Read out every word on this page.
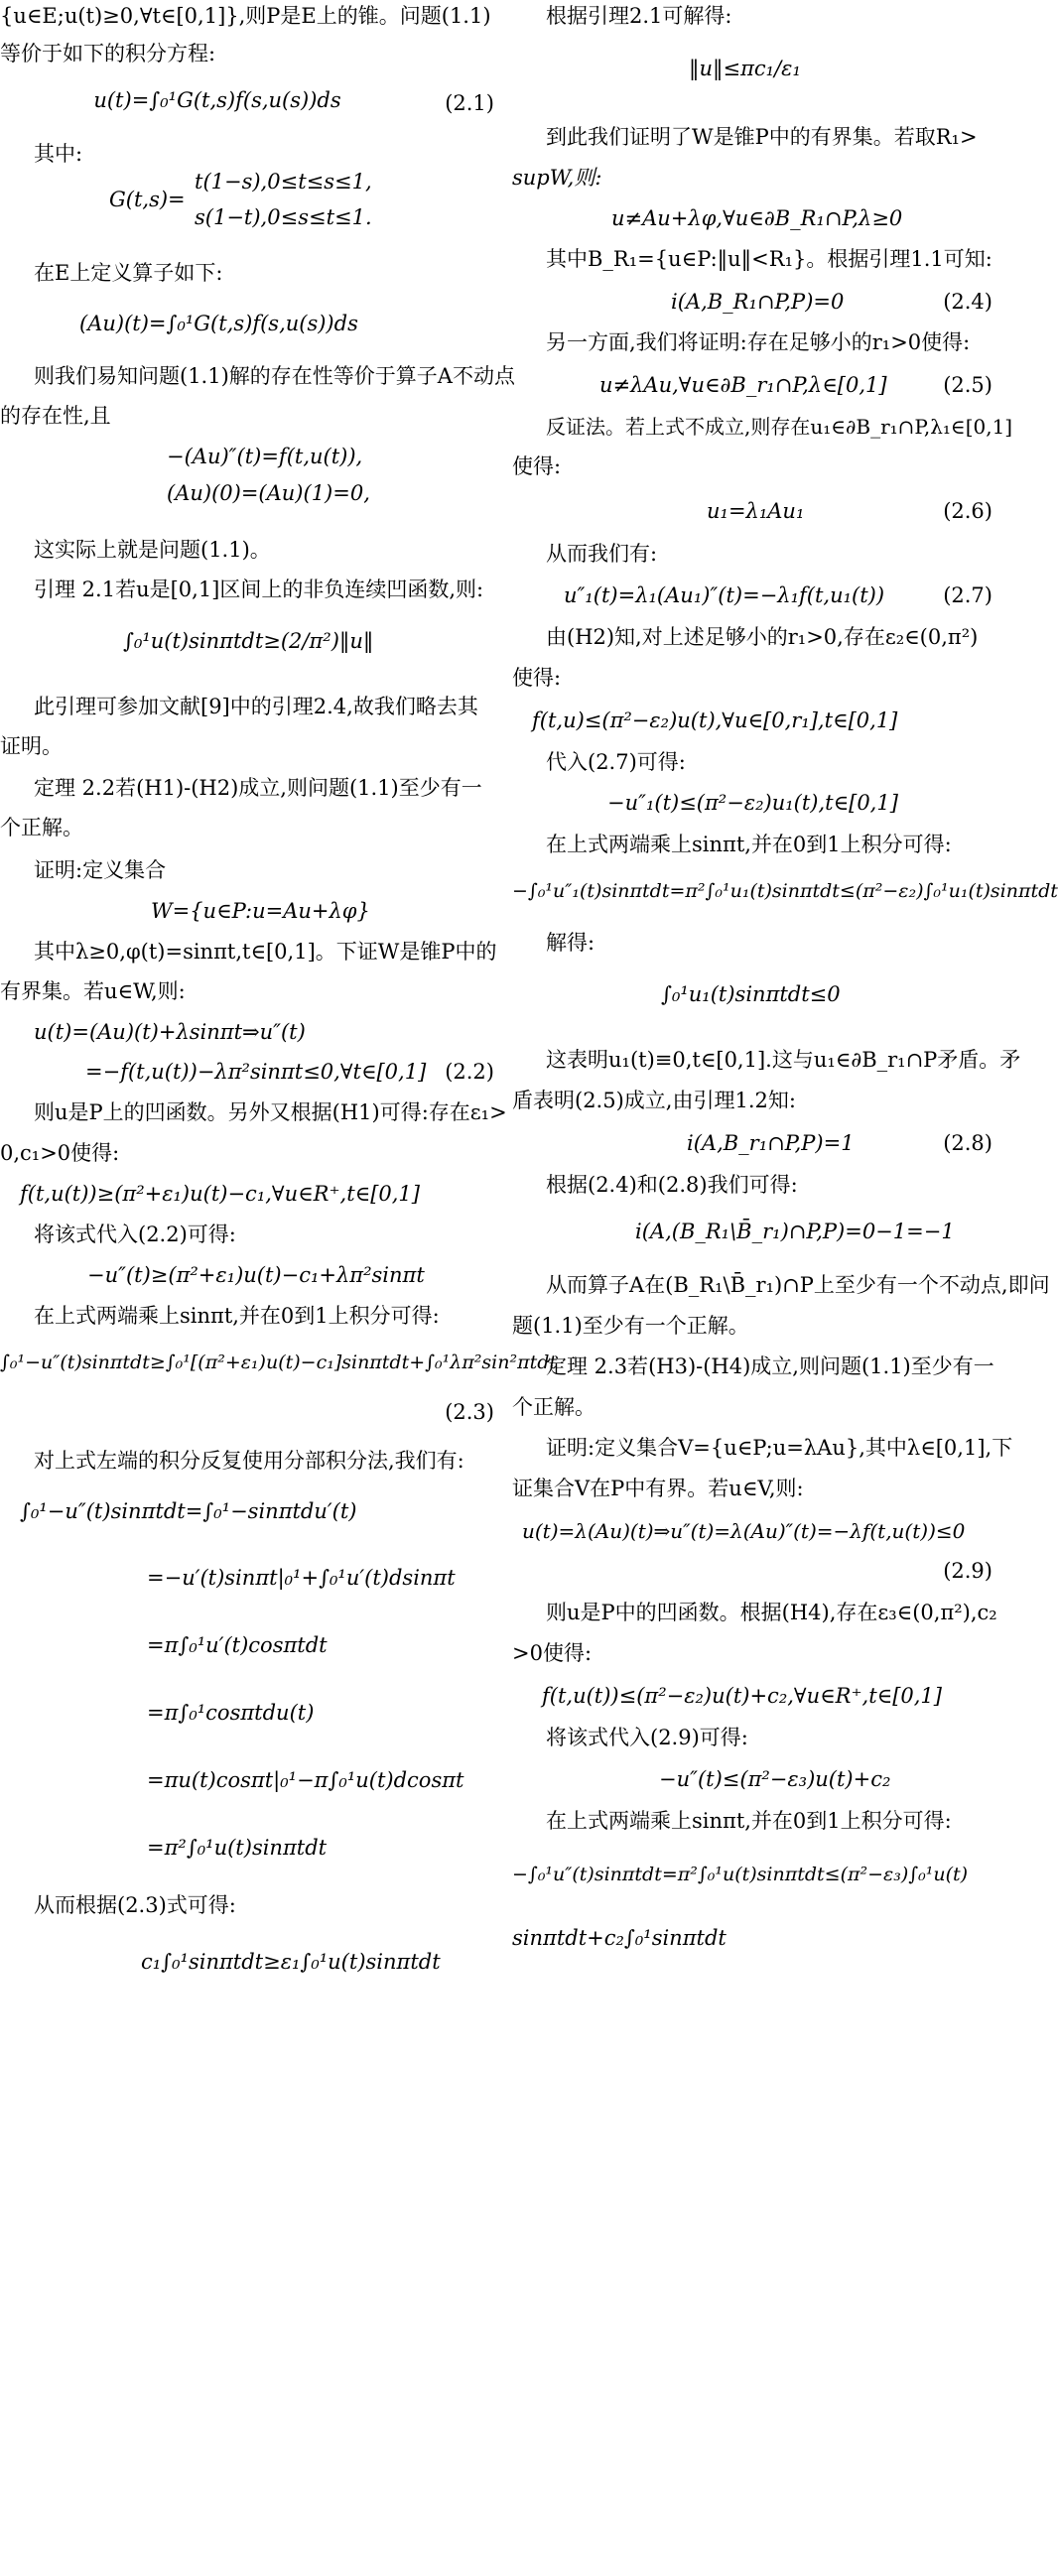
{u∈E;u(t)≥0,∀t∈[0,1]},则P是E上的锥。问题(1.1)
等价于如下的积分方程:
u(t)=∫₀¹G(t,s)f(s,u(s))ds	(2.1)
其中:
t(1−s),0≤t≤s≤1,
G(t,s)=
s(1−t),0≤s≤t≤1.
在E上定义算子如下:
(Au)(t)=∫₀¹G(t,s)f(s,u(s))ds
则我们易知问题(1.1)解的存在性等价于算子A不动点
的存在性,且
−(Au)″(t)=f(t,u(t)),
(Au)(0)=(Au)(1)=0,
这实际上就是问题(1.1)。
引理 2.1若u是[0,1]区间上的非负连续凹函数,则:
∫₀¹u(t)sinπtdt≥(2/π²)‖u‖
此引理可参加文献[9]中的引理2.4,故我们略去其
证明。
定理 2.2若(H1)-(H2)成立,则问题(1.1)至少有一
个正解。
证明:定义集合
W={u∈P:u=Au+λφ}
其中λ≥0,φ(t)=sinπt,t∈[0,1]。下证W是锥P中的
有界集。若u∈W,则:
u(t)=(Au)(t)+λsinπt⇒u″(t)
=−f(t,u(t))−λπ²sinπt≤0,∀t∈[0,1] (2.2)
则u是P上的凹函数。另外又根据(H1)可得:存在ε₁>
0,c₁>0使得:
f(t,u(t))≥(π²+ε₁)u(t)−c₁,∀u∈R⁺,t∈[0,1]
将该式代入(2.2)可得:
−u″(t)≥(π²+ε₁)u(t)−c₁+λπ²sinπt
在上式两端乘上sinπt,并在0到1上积分可得:
∫₀¹−u″(t)sinπtdt≥∫₀¹[(π²+ε₁)u(t)−c₁]sinπtdt+∫₀¹λπ²sin²πtdt
(2.3)
对上式左端的积分反复使用分部积分法,我们有:
∫₀¹−u″(t)sinπtdt=∫₀¹−sinπtdu′(t)
=−u′(t)sinπt|₀¹+∫₀¹u′(t)dsinπt
=π∫₀¹u′(t)cosπtdt
=π∫₀¹cosπtdu(t)
=πu(t)cosπt|₀¹−π∫₀¹u(t)dcosπt
=π²∫₀¹u(t)sinπtdt
从而根据(2.3)式可得:
c₁∫₀¹sinπtdt≥ε₁∫₀¹u(t)sinπtdt
根据引理2.1可解得:
‖u‖≤πc₁/ε₁
到此我们证明了W是锥P中的有界集。若取R₁>
supW,则:
u≠Au+λφ,∀u∈∂B_R₁∩P,λ≥0
其中B_R₁={u∈P:‖u‖<R₁}。根据引理1.1可知:
i(A,B_R₁∩P,P)=0	(2.4)
另一方面,我们将证明:存在足够小的r₁>0使得:
u≠λAu,∀u∈∂B_r₁∩P,λ∈[0,1]	(2.5)
反证法。若上式不成立,则存在u₁∈∂B_r₁∩P,λ₁∈[0,1]
使得:
u₁=λ₁Au₁	(2.6)
从而我们有:
u″₁(t)=λ₁(Au₁)″(t)=−λ₁f(t,u₁(t))	(2.7)
由(H2)知,对上述足够小的r₁>0,存在ε₂∈(0,π²)
使得:
f(t,u)≤(π²−ε₂)u(t),∀u∈[0,r₁],t∈[0,1]
代入(2.7)可得:
−u″₁(t)≤(π²−ε₂)u₁(t),t∈[0,1]
在上式两端乘上sinπt,并在0到1上积分可得:
−∫₀¹u″₁(t)sinπtdt=π²∫₀¹u₁(t)sinπtdt≤(π²−ε₂)∫₀¹u₁(t)sinπtdt
解得:
∫₀¹u₁(t)sinπtdt≤0
这表明u₁(t)≡0,t∈[0,1].这与u₁∈∂B_r₁∩P矛盾。矛
盾表明(2.5)成立,由引理1.2知:
i(A,B_r₁∩P,P)=1	(2.8)
根据(2.4)和(2.8)我们可得:
i(A,(B_R₁\B̄_r₁)∩P,P)=0−1=−1
从而算子A在(B_R₁\B̄_r₁)∩P上至少有一个不动点,即问
题(1.1)至少有一个正解。
定理 2.3若(H3)-(H4)成立,则问题(1.1)至少有一
个正解。
证明:定义集合V={u∈P;u=λAu},其中λ∈[0,1],下
证集合V在P中有界。若u∈V,则:
u(t)=λ(Au)(t)⇒u″(t)=λ(Au)″(t)=−λf(t,u(t))≤0
(2.9)
则u是P中的凹函数。根据(H4),存在ε₃∈(0,π²),c₂
>0使得:
f(t,u(t))≤(π²−ε₂)u(t)+c₂,∀u∈R⁺,t∈[0,1]
将该式代入(2.9)可得:
−u″(t)≤(π²−ε₃)u(t)+c₂
在上式两端乘上sinπt,并在0到1上积分可得:
−∫₀¹u″(t)sinπtdt=π²∫₀¹u(t)sinπtdt≤(π²−ε₃)∫₀¹u(t)
sinπtdt+c₂∫₀¹sinπtdt
